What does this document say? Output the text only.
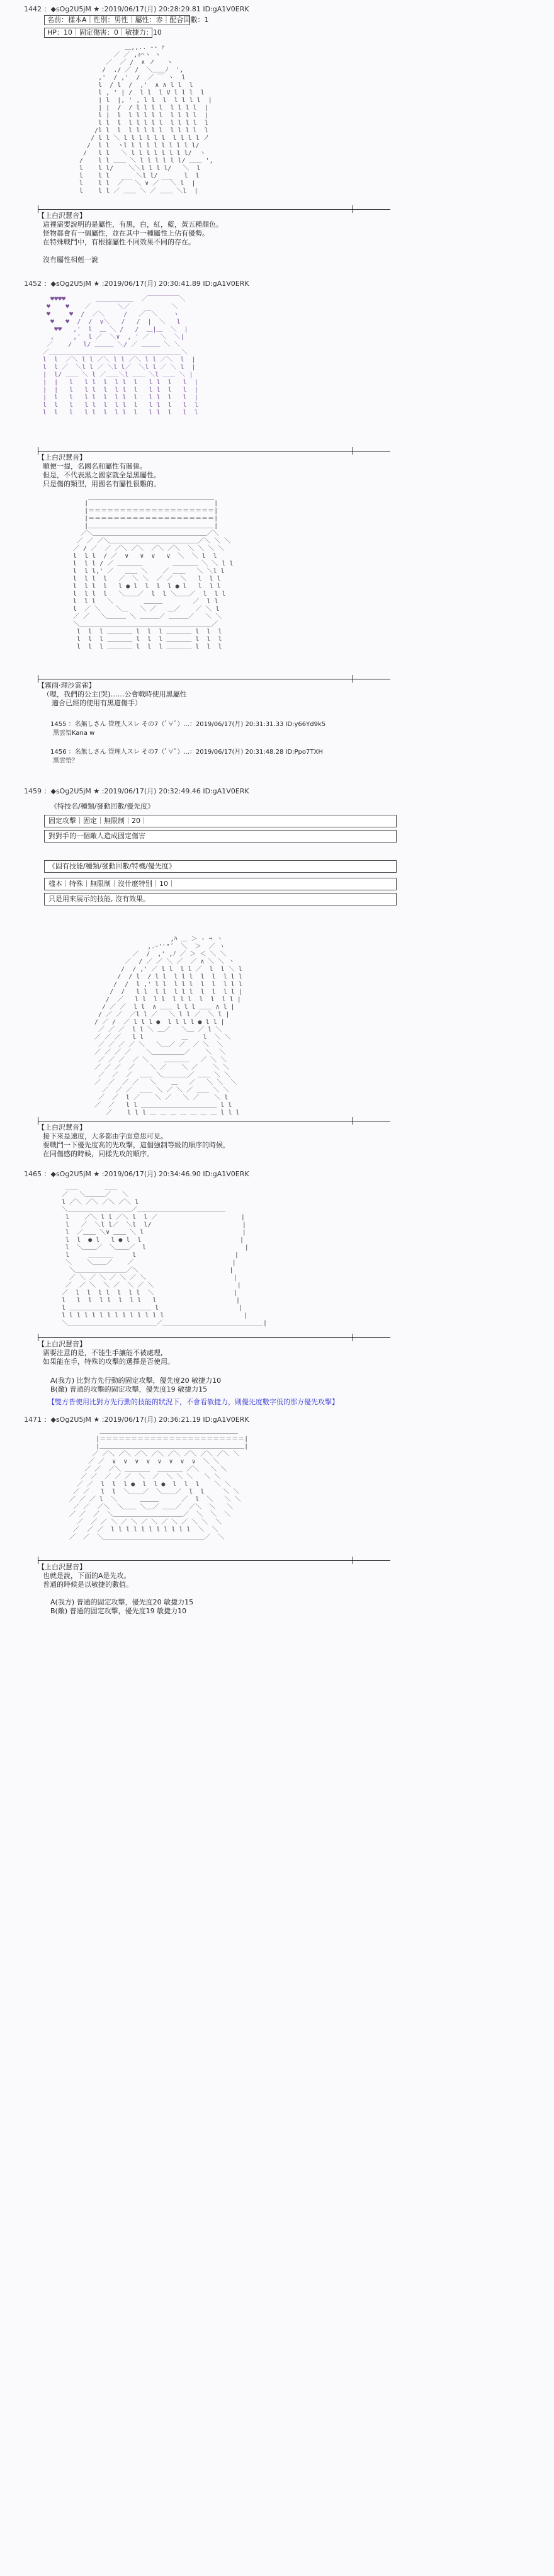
1442 ：◆sOg2U5jM ★ :2019/06/17(月) 20:28:29.81 ID:gA1V0ERK
名前：樣本A｜性別：男性｜屬性：赤｜配合回數：1
HP：10｜固定傷害：0｜敏捷力：10
＿,,.. -‐ ｧ
／ ／ ,ｨ⌒ヽ ヽ
／  ／ /  ∧ ノ   ヽ
/  ./ ／ /  ＼＿＿ﾉ  ',
,'  / ,'  /  ／ ￣ ヽ  l
l  / l  /  ,'  ∧ ∧ l l  l
l , ' | /  l l  l V l l l  l
| l  |, ' , l l  l  l l l l  |
| |  /  / l l l l  l l l l  |
l |  l  l l l l l  l l l l  |
l l  l  l l l l l  l l l l  l
/l l  l  l l l l l  l l l l  l
/ l l ＼ l l l l l l  l l l l ノ
/  l l  ヽl l l l l l l l l l/
/   l l   ＼ l l l l l l l l/  ヽ
/    l l ＿＿ ＼ l l l l l l/ ＿＿ ',
l    l l/    ＼＼l l l l/   ＼  l
l    l l   ___ ＼l l/ ___   l  l
l    l l  ／   ＼ ∨ ／   ＼ l  |
l    l l ／ ＿＿ ＼ ／ ＿＿ ＼l  |
【上白沢慧音】
這裡需要說明的是屬性，有黑，白，紅，藍，黃五種顏色。
怪物都會有一個屬性，並在其中一種屬性上佔有優勢。
在特殊戰鬥中，有根據屬性不同效果不同的存在。
沒有屬性相剋一說
1452 ：◆sOg2U5jM ★ :2019/06/17(月) 20:30:41.89 ID:gA1V0ERK
♥♥♥♥        ＿＿＿＿＿＿  ／￣￣￣￣￣＼
♥    ♥    ／       ＼／           ＼
♥     ♥  /  ／＼     /   ／￣＼    ヽ
♥   ♥  /  /  ∨＼   /   /  |  ＼   l
♥♥   ,'  l  ＿ ＼ /   /  ＿|＿  ＼  |
,     ,'  l ／  ＼∨  , ' ／   ＼  ＼|
／    /   l/ ＿＿＿ ＼/ ／ ＿＿＿ ＼ ＼
／＿＿＿＿＿＿＿＿＿＿＿＿＿＿＿＿＿＿＿＿＿＼
l  l  ／＼ l l ／＼ l l ／＼ l l ／＼  l  |
l  l ／  ＼l l ／ ＼l l／  ＼l l ／ ＼ l  |
|  l/ ＿＿ ＼ l ／＿＿＼l ＿＿ ＼l ＿＿ ＼ |
|  |   l   l l  l  l l  l   l l  l   l  |
|  |   l   l l  l  l l  l   l l  l   l  |
|  l   l   l l  l  l l  l   l l  l   l  |
l  l   l   l l  l  l l  l   l l  l   l  l
l  l   l   l l  l  l l  l   l l  l   l  l
【上白沢慧音】
順便一提，名國名和屬性有關係。
但是，不代表黑之國家就全是黑屬性。
只是傷的類型，用國名有屬性很難的。
|￣￣￣￣￣￣￣￣￣￣￣￣￣￣￣￣￣￣￣￣|
|＝＝＝＝＝＝＝＝＝＝＝＝＝＝＝＝＝＝＝＝|
|＝＝＝＝＝＝＝＝＝＝＝＝＝＝＝＝＝＝＝＝|
|＿＿＿＿＿＿＿＿＿＿＿＿＿＿＿＿＿＿＿＿|
／＼＿＿＿＿＿＿＿＿＿＿＿＿＿＿＿＿＿＿／＼
／ ／ ／＼＿＿＿＿＿＿＿＿＿＿＿＿＿＿／＼ ＼ ＼
／ / ／  ／ ／＼ ／＼  ／＼ ／＼  ＼ ＼ ＼ ＼
l  l l  / ／  ∨   ∨  ∨   ∨  ＼  ＼ l  l
l  l l / ／ ＿＿＿＿        ＿＿＿＿ ＼ ＼ l l
l  l l,' ／   ＿＿ ＼    ／ ＿＿   ＼ ＼l l
l  l l  l   ／  ＼ ＼  ／ ／  ＼   l  l l
l  l l  l   l ● l  l  l  l ● l   l  l l
l  l l  l   ＼＿＿／  l  l ＼＿＿／  l  l l
l  l l   ＼        ＿＿＿        ／  l l
l  ／ ＼    ＼＿   ＼ ／   ＿／    ／ ＼ l
／ ／   ＼＿＿＿ ＼ ＿＿＿／ ＿＿＿／   ＼ ＼
＼＿＿＿＿＿＿＿＿＿＿＿＿＿＿＿＿＿＿＿＿＿／
l  l  l ＿＿＿＿ l  l  l ＿＿＿＿ l  l  l
l  l  l ＿＿＿＿ l  l  l ＿＿＿＿ l  l  l
l  l  l ＿＿＿＿ l  l  l ＿＿＿＿ l  l  l
【霧雨·理沙雲雀】
（嗯，我們的公主(哭)……公會戰時使用黑屬性
適合已經的使用有黑道傷手）
1455 ：名無しさん 管理人スレ その7（ﾟ∀ﾟ）...：2019/06/17(月) 20:31:31.33 ID:y66Yd9k5
黑雲悟Kana w
1456 ：名無しさん 管理人スレ その7（ﾟ∀ﾟ）...：2019/06/17(月) 20:31:48.28 ID:Ppo7TXH
黑雲悟？
1459 ：◆sOg2U5jM ★ :2019/06/17(月) 20:32:49.46 ID:gA1V0ERK
《特技名/種類/發動回數/優先度》
固定攻擊｜固定｜無限制｜20｜
對對手的一個敵人造成固定傷害
《固有技能/種類/發動回數/特機/優先度》
樣本｜特殊｜無限制｜沒什麼特別｜10｜
只是用來展示的技能, 沒有效果。
,ﾊ ＿ ＞ ‐ ¬ ヽ
,.ｰ''"´  ＼  ＞  ／ ヽ
／  /  ,' ,ﾉ ／ ＞ ＜ ＼ ＼
／  / ／ ／ ＼ ／  ／ ∧ ＼ ＼ ヽ
/  / ,' ／ l l  l l ／  l  l ＼ l
/  / l  / l l  l l l  l  l  l l l
/  /  l ,' l l  l l l  l  l  l l l
/  /   l l  l l  l l l  l  l  l l |
/  ／   l l  l l  l l l  l  l  l l |
/ ／ ／  l l  ∧ ＿＿ l l l ＿＿ ∧ l |
/ ／ ／  ／l l ／   ＼ l l ／  ＼ l |
/ ／ /  ／ l l l ●  l l l l ● l l |
／ ／ ／  l l ＼ ＿／   ＼＿ ／ l ＼
／ ／ ／   l l          ＿    l  ＼ ＼
／ ／ ／ ／ ＼   ＼＿／ ／  ／ ＼  ＼
／ ／ ／ ／    ＼＿＿＿＿＿／    ＼  ＼
／ ／ ／  ／ ＼    ＿＿＿＿   ／ ＼ ＼
／ ／ ／  ／    ＼ ／    ＼ ／    ＼ ＼
／  ／  ／  ＿＿ ＼＿＿＿＿／ ＿＿ ＼ ＼
／  ／  ／ ／   ＼    ＿   ／   ＼ ＼  ＼
／  ／ ／  ＿＿ ＼ ／ ＼ ／ ＿＿ ＼ ＼
／  ／  l ／    ＼ ／   ＼ ／    ＼ l
／  ／   l l ＿＿＿＿＿＿＿＿＿＿＿＿ l l
／    l l l ＿ ＿ ＿ ＿ ＿ ＿ ＿ l l l
【上白沢慧音】
接下來是速度，大多都由字面意思可見。
要戰鬥一下優先度高的先攻擊，這個強制等級的順序的時候，
在同傷感的時候，同樣先攻的順序。
1465 ：◆sOg2U5jM ★ :2019/06/17(月) 20:34:46.90 ID:gA1V0ERK
＿＿       ＿＿
／   ＼＿＿＿／   ＼
l ／＼ ／＼ ／＼ ／＼ l
＼＿＿＿＿＿＿＿＿＿＿／＿＿＿＿＿＿＿＿＿＿＿＿＿＿
l    ／＼ l l ／＼ l  l ／                      |
l   ／  ＼l l／  ＼l  l/                        |
l  ／＿＿ ＼∨ ＿＿ ＼ l                          |
l  l  ● l   l ● l  l                          |
l  ＼＿＿／  ＼＿＿／  l                          |
l     ＿＿＿＿     l                          |
＼    ＼＿＿／    ／                          |
＼＿＿＿＿＿＿＿＿／＼                        |
／ ＼ ／ ＼ ／ ＼ ／ ＼                       |
／  ／ ＼  ＼ ／  ＼ ／ ＼                      |
／  l  l  l l  l  l l  ＼                     |
l   l  l  l l  l  l l   l                     |
l ＿＿＿＿＿＿＿＿＿＿＿＿＿ l                     |
l l l l l l l l l l l l l l                     |
＼＿＿＿＿＿＿＿＿＿＿＿＿＿＿／＿＿＿＿＿＿＿＿＿＿＿＿＿＿＿＿|
【上白沢慧音】
需要注意的是，不能生手讓能不被處理,
如果能在手，特殊的攻擊的選擇是否使用。
A(我方) 比對方先行動的固定攻擊，優先度20 敏捷力10
B(敵) 普通的攻擊的固定攻擊，優先度19 敏捷力15
【雙方皆使用比對方先行動的技能的狀況下，不會看敏捷力，則優先度數字低的那方優先攻擊】
1471 ：◆sOg2U5jM ★ :2019/06/17(月) 20:36:21.19 ID:gA1V0ERK
＿＿＿＿＿＿＿＿＿＿＿＿＿＿＿＿＿＿＿＿＿＿
|＝＝＝＝＝＝＝＝＝＝＝＝＝＝＝＝＝＝＝＝＝＝＝|
|＿＿＿＿＿＿＿＿＿＿＿＿＿＿＿＿＿＿＿＿＿＿＿|
／ ／＼ ／＼ ／＼ ／＼ ／＼ ／＼ ／＼ ／＼ ＼
／ ／  ∨  ∨  ∨  ∨  ∨  ∨  ∨  ∨  ＼ ＼
／ ／  ／＼ ＿＿＿＿  ＿＿＿＿ ／＼   ＼ ＼
／ ／  ／ ／ ／  ＼  ／  ＼ ＼ ＼   ＼ ＼
／ ／  l  l  l ●  l  l ●  l  l  l    ＼ ＼
／ ／   l  l  ＼＿＿／  ＼＿＿／  l  l     ＼ ＼
／ ／ ／ l  ＼      ＿＿＿      ／  l  ＼   ＼ ＼
／ ／  ／＼  ＼＿＿ ＼＿／ ＿＿／  ／＼  ＼   ＼
／ ／  ／  ＼＿＿＿＿＿＿＿＿＿＿＿／  ＼  ＼  ＼
／  ／ ／ ＼ ／ ＼ ／ ＼ ／ ＼ ／ ＼ ＼  ＼
／  ／ ／  l l l l l l l l l l l  ＼  ＼
／  ／  ＼＿＿＿＿＿＿＿＿＿＿＿＿＿＿＿＿／  ＼
【上白沢慧音】
也就是說，下面的A是先攻。
普通的時候是以敏捷的數值。
A(我方) 普通的固定攻擊，優先度20 敏捷力15
B(敵) 普通的固定攻擊，優先度19 敏捷力10
